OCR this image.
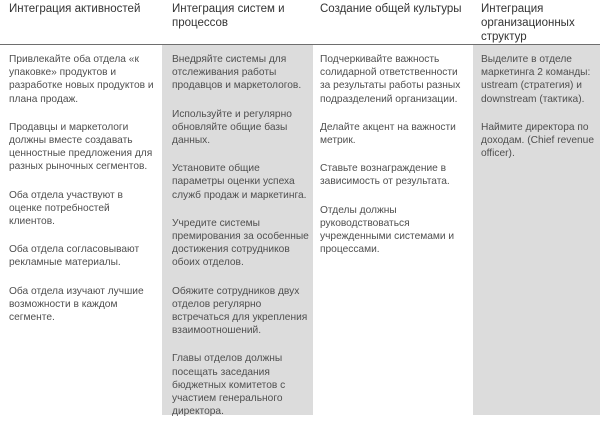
Интеграция активностей

Привлекайте оба отдела «к упаковке» продуктов и разработке новых продуктов и плана продаж.

Продавцы и маркетологи должны вместе создавать ценностные предложения для разных рыночных сегментов.

Оба отдела участвуют в оценке потребностей клиентов.

Оба отдела согласовывают рекламные материалы.

Оба отдела изучают лучшие возможности в каждом сегменте.

Интеграция систем и процессов

Внедряйте системы для отслеживания работы продавцов и маркетологов.

Используйте и регулярно обновляйте общие базы данных.

Установите общие параметры оценки успеха служб продаж и маркетинга.

Учредите системы премирования за особенные достижения сотрудников обоих отделов.

Обяжите сотрудников двух отделов регулярно встречаться для укрепления взаимоотношений.

Главы отделов должны посещать заседания бюджетных комитетов с участием генерального директора.

Создание общей культуры

Подчеркивайте важность солидарной ответственности за результаты работы разных подразделений организации.

Делайте акцент на важности метрик.

Ставьте вознаграждение в зависимость от результата.

Отделы должны руководствоваться учрежденными системами и процессами.

Интеграция организационных структур

Выделите в отделе маркетинга 2 команды: ustream (стратегия) и downstream (тактика).

Наймите директора по доходам. (Chief revenue officer).
